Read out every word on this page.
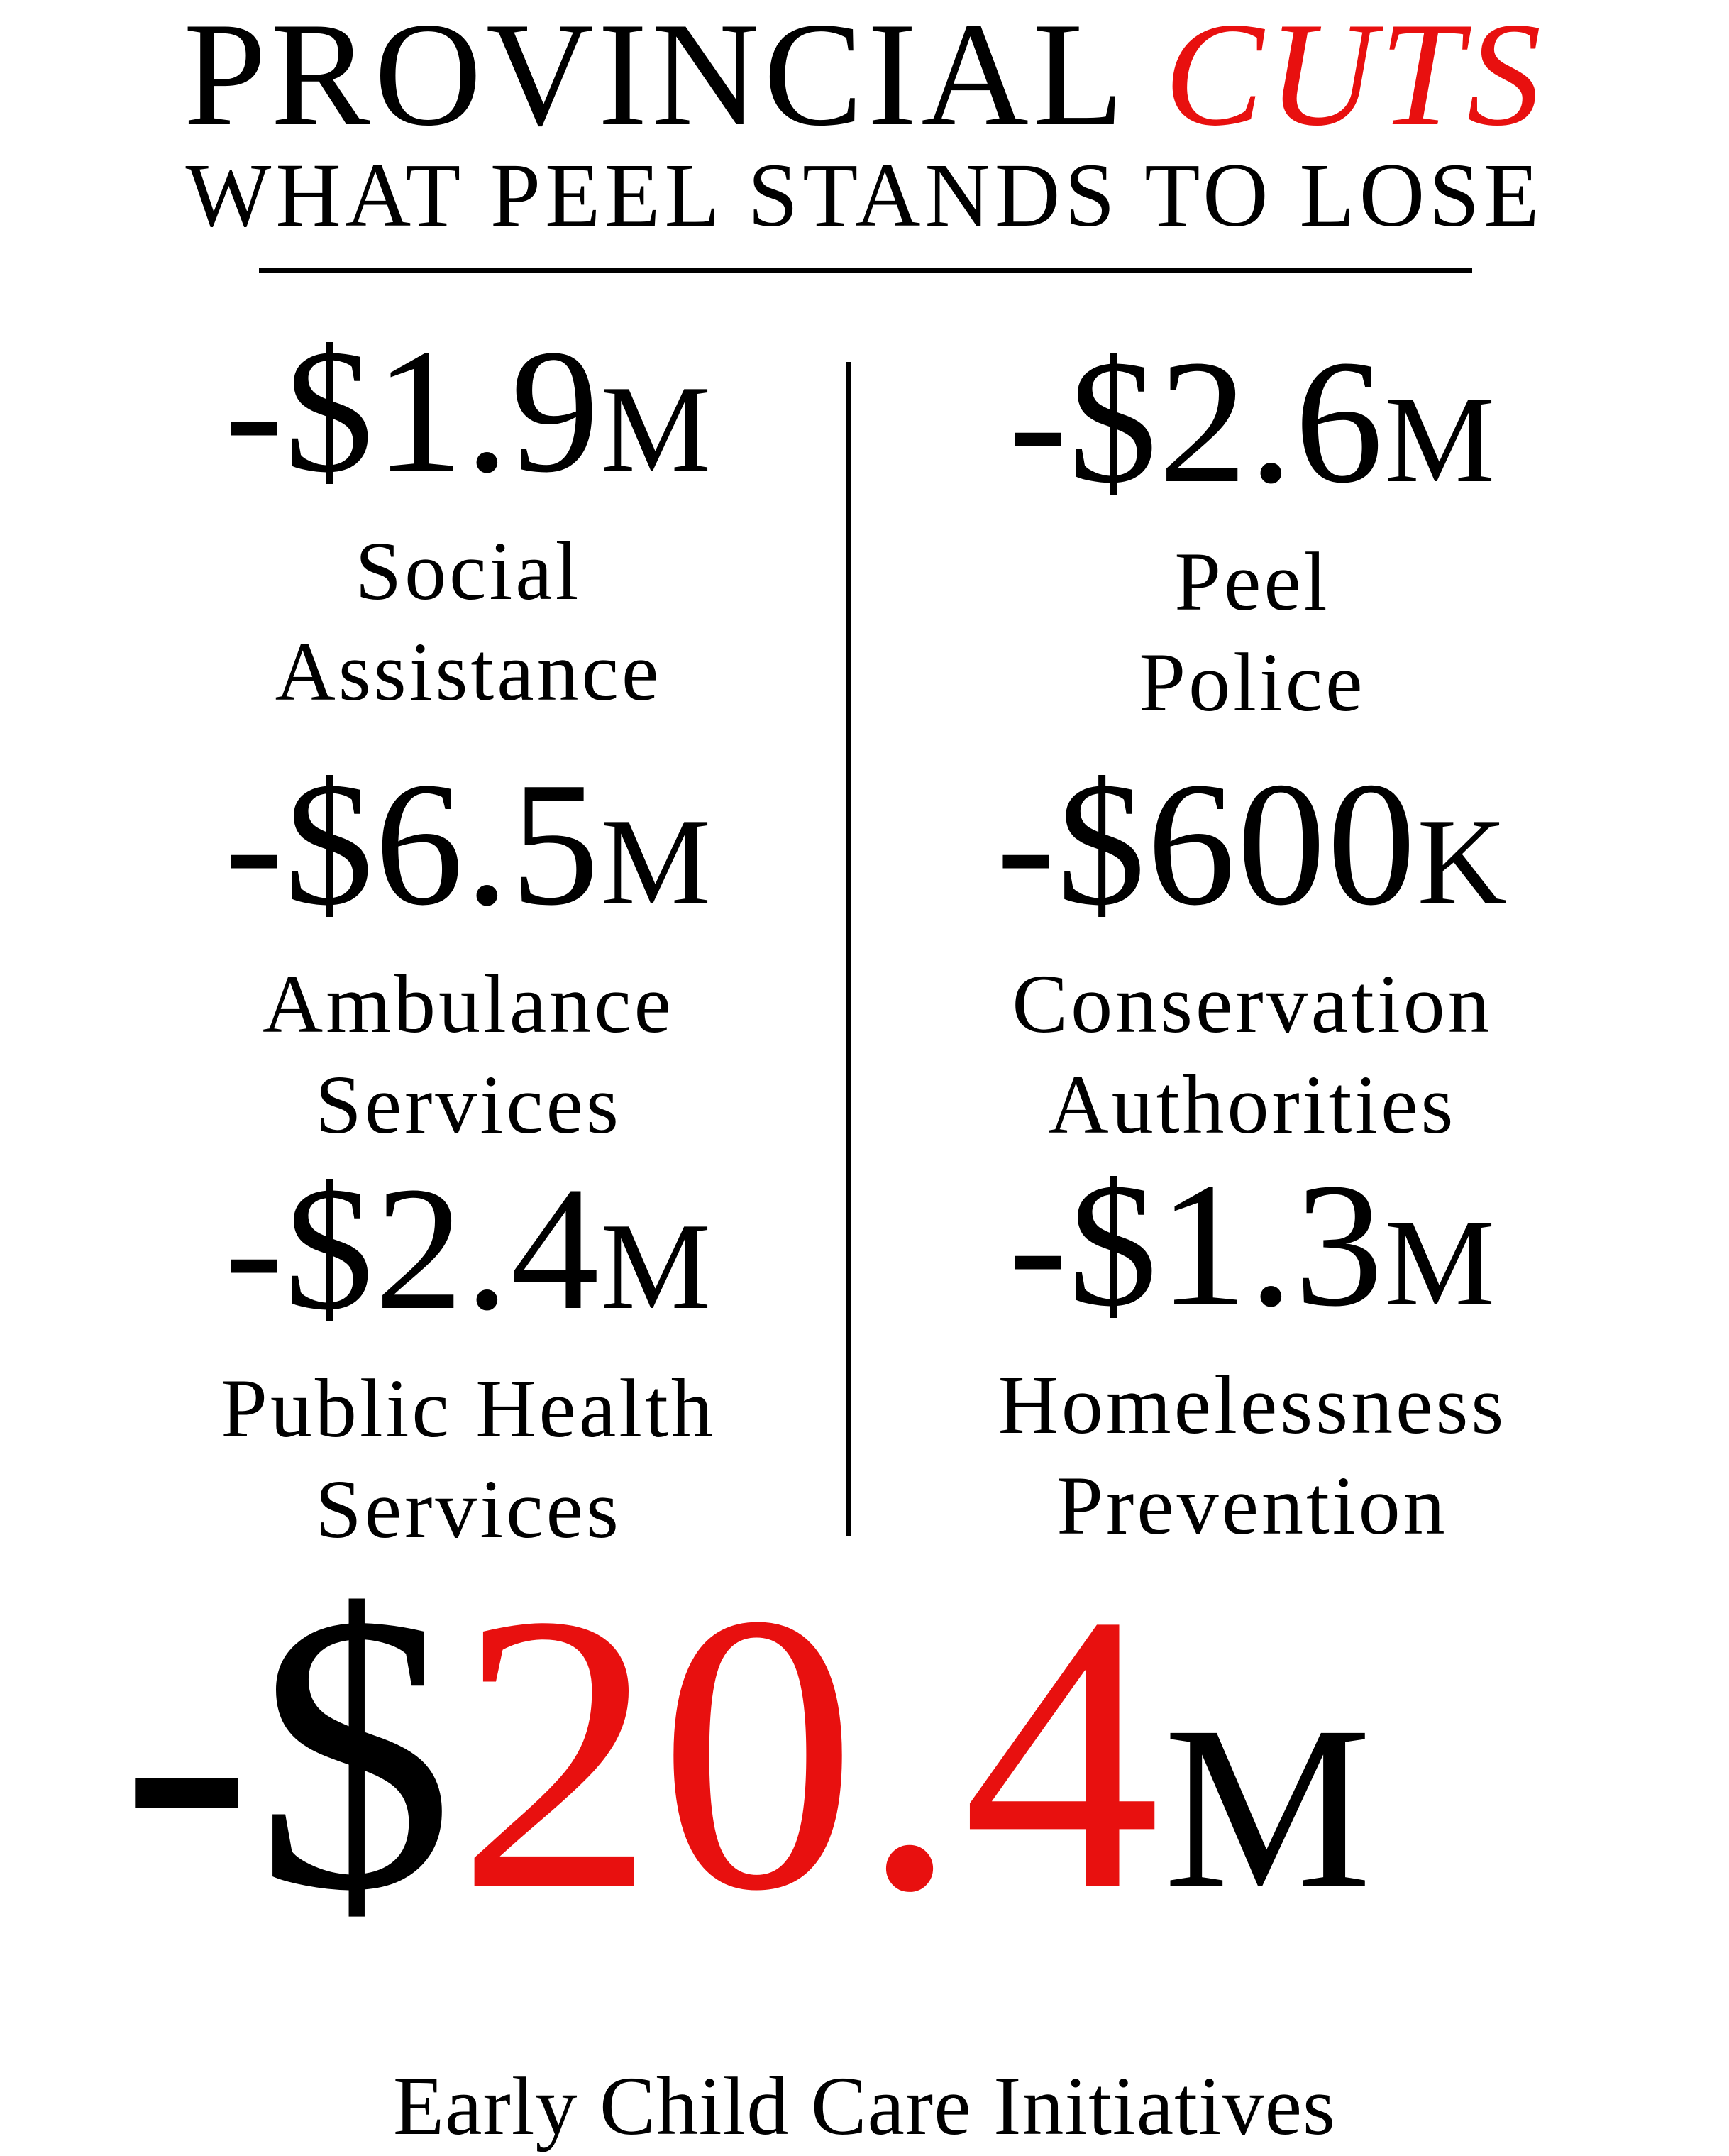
PROVINCIAL CUTS
WHAT PEEL STANDS TO LOSE
-$1.9M
Social
Assistance
-$2.6M
Peel
Police
-$6.5M
Ambulance
Services
-$600K
Conservation
Authorities
-$2.4M
Public Health
Services
-$1.3M
Homelessness
Prevention
-$20.4M
Early Child Care Initiatives
